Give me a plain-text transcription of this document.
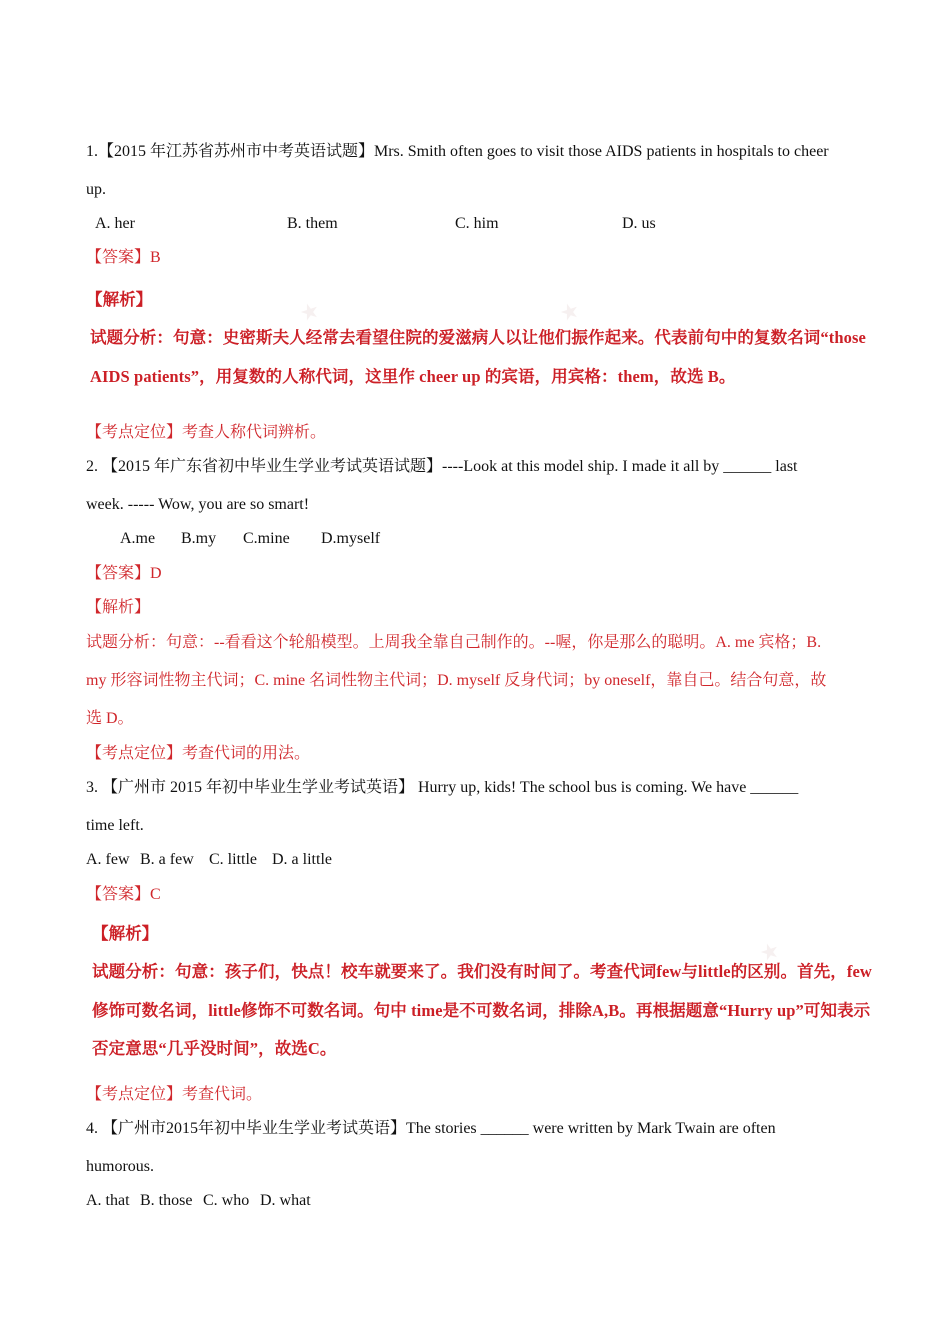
★	★
★
1.【2015 年江苏省苏州市中考英语试题】Mrs. Smith often goes to visit those AIDS patients in hospitals to cheer
up.
A. her	B. them	C. him	D. us
【答案】B
【解析】
试题分析：句意：史密斯夫人经常去看望住院的爱滋病人以让他们振作起来。代表前句中的复数名词“those
AIDS patients”，用复数的人称代词，这里作 cheer up 的宾语，用宾格：them，故选 B。
【考点定位】考查人称代词辨析。
2. 【2015 年广东省初中毕业生学业考试英语试题】----Look at this model ship. I made it all by ______ last
week. ----- Wow, you are so smart!
A.me B.my C.mine D.myself
【答案】D
【解析】
试题分析：句意：--看看这个轮船模型。上周我全靠自己制作的。--喔，你是那么的聪明。A. me 宾格；B.
my 形容词性物主代词；C. mine 名词性物主代词；D. myself 反身代词；by oneself，靠自己。结合句意，故
选 D。
【考点定位】考查代词的用法。
3. 【广州市 2015 年初中毕业生学业考试英语】 Hurry up, kids! The school bus is coming. We have ______
time left.
A. few B. a few C. little D. a little
【答案】C
【解析】
试题分析：句意：孩子们，快点！校车就要来了。我们没有时间了。考查代词few与little的区别。首先，few
修饰可数名词，little修饰不可数名词。句中 time是不可数名词，排除A,B。再根据题意“Hurry up”可知表示
否定意思“几乎没时间”，故选C。
【考点定位】考查代词。
4. 【广州市2015年初中毕业生学业考试英语】The stories ______ were written by Mark Twain are often
humorous.
A. that B. those C. who D. what
